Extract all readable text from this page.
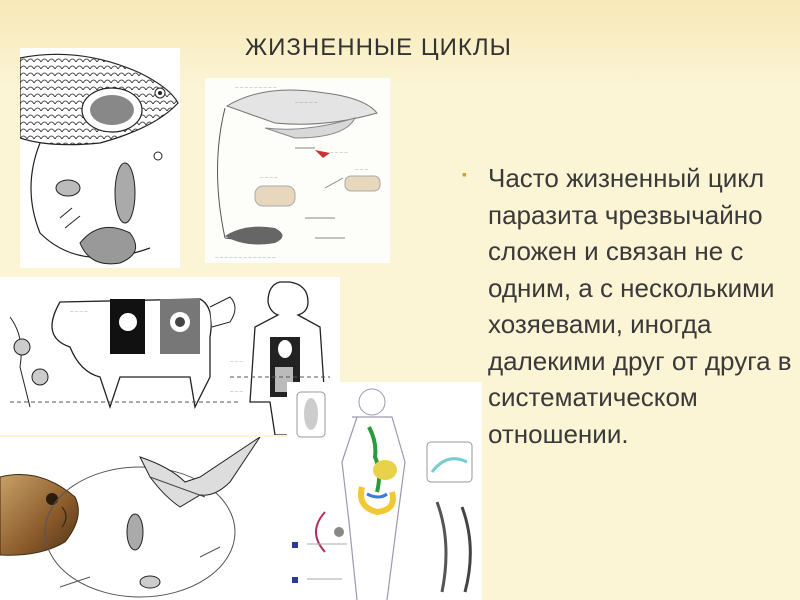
ЖИЗНЕННЫЕ ЦИКЛЫ
▪ Часто жизненный цикл паразита чрезвычайно сложен и связан не с одним, а с несколькими хозяевами, иногда далекими друг от друга в систематическом отношении.
— — — — — — — — —
— — — — —
— — — —
— — — —
— — —
— — — — — — — — — — — — —
— — — —
— — —
— — —
